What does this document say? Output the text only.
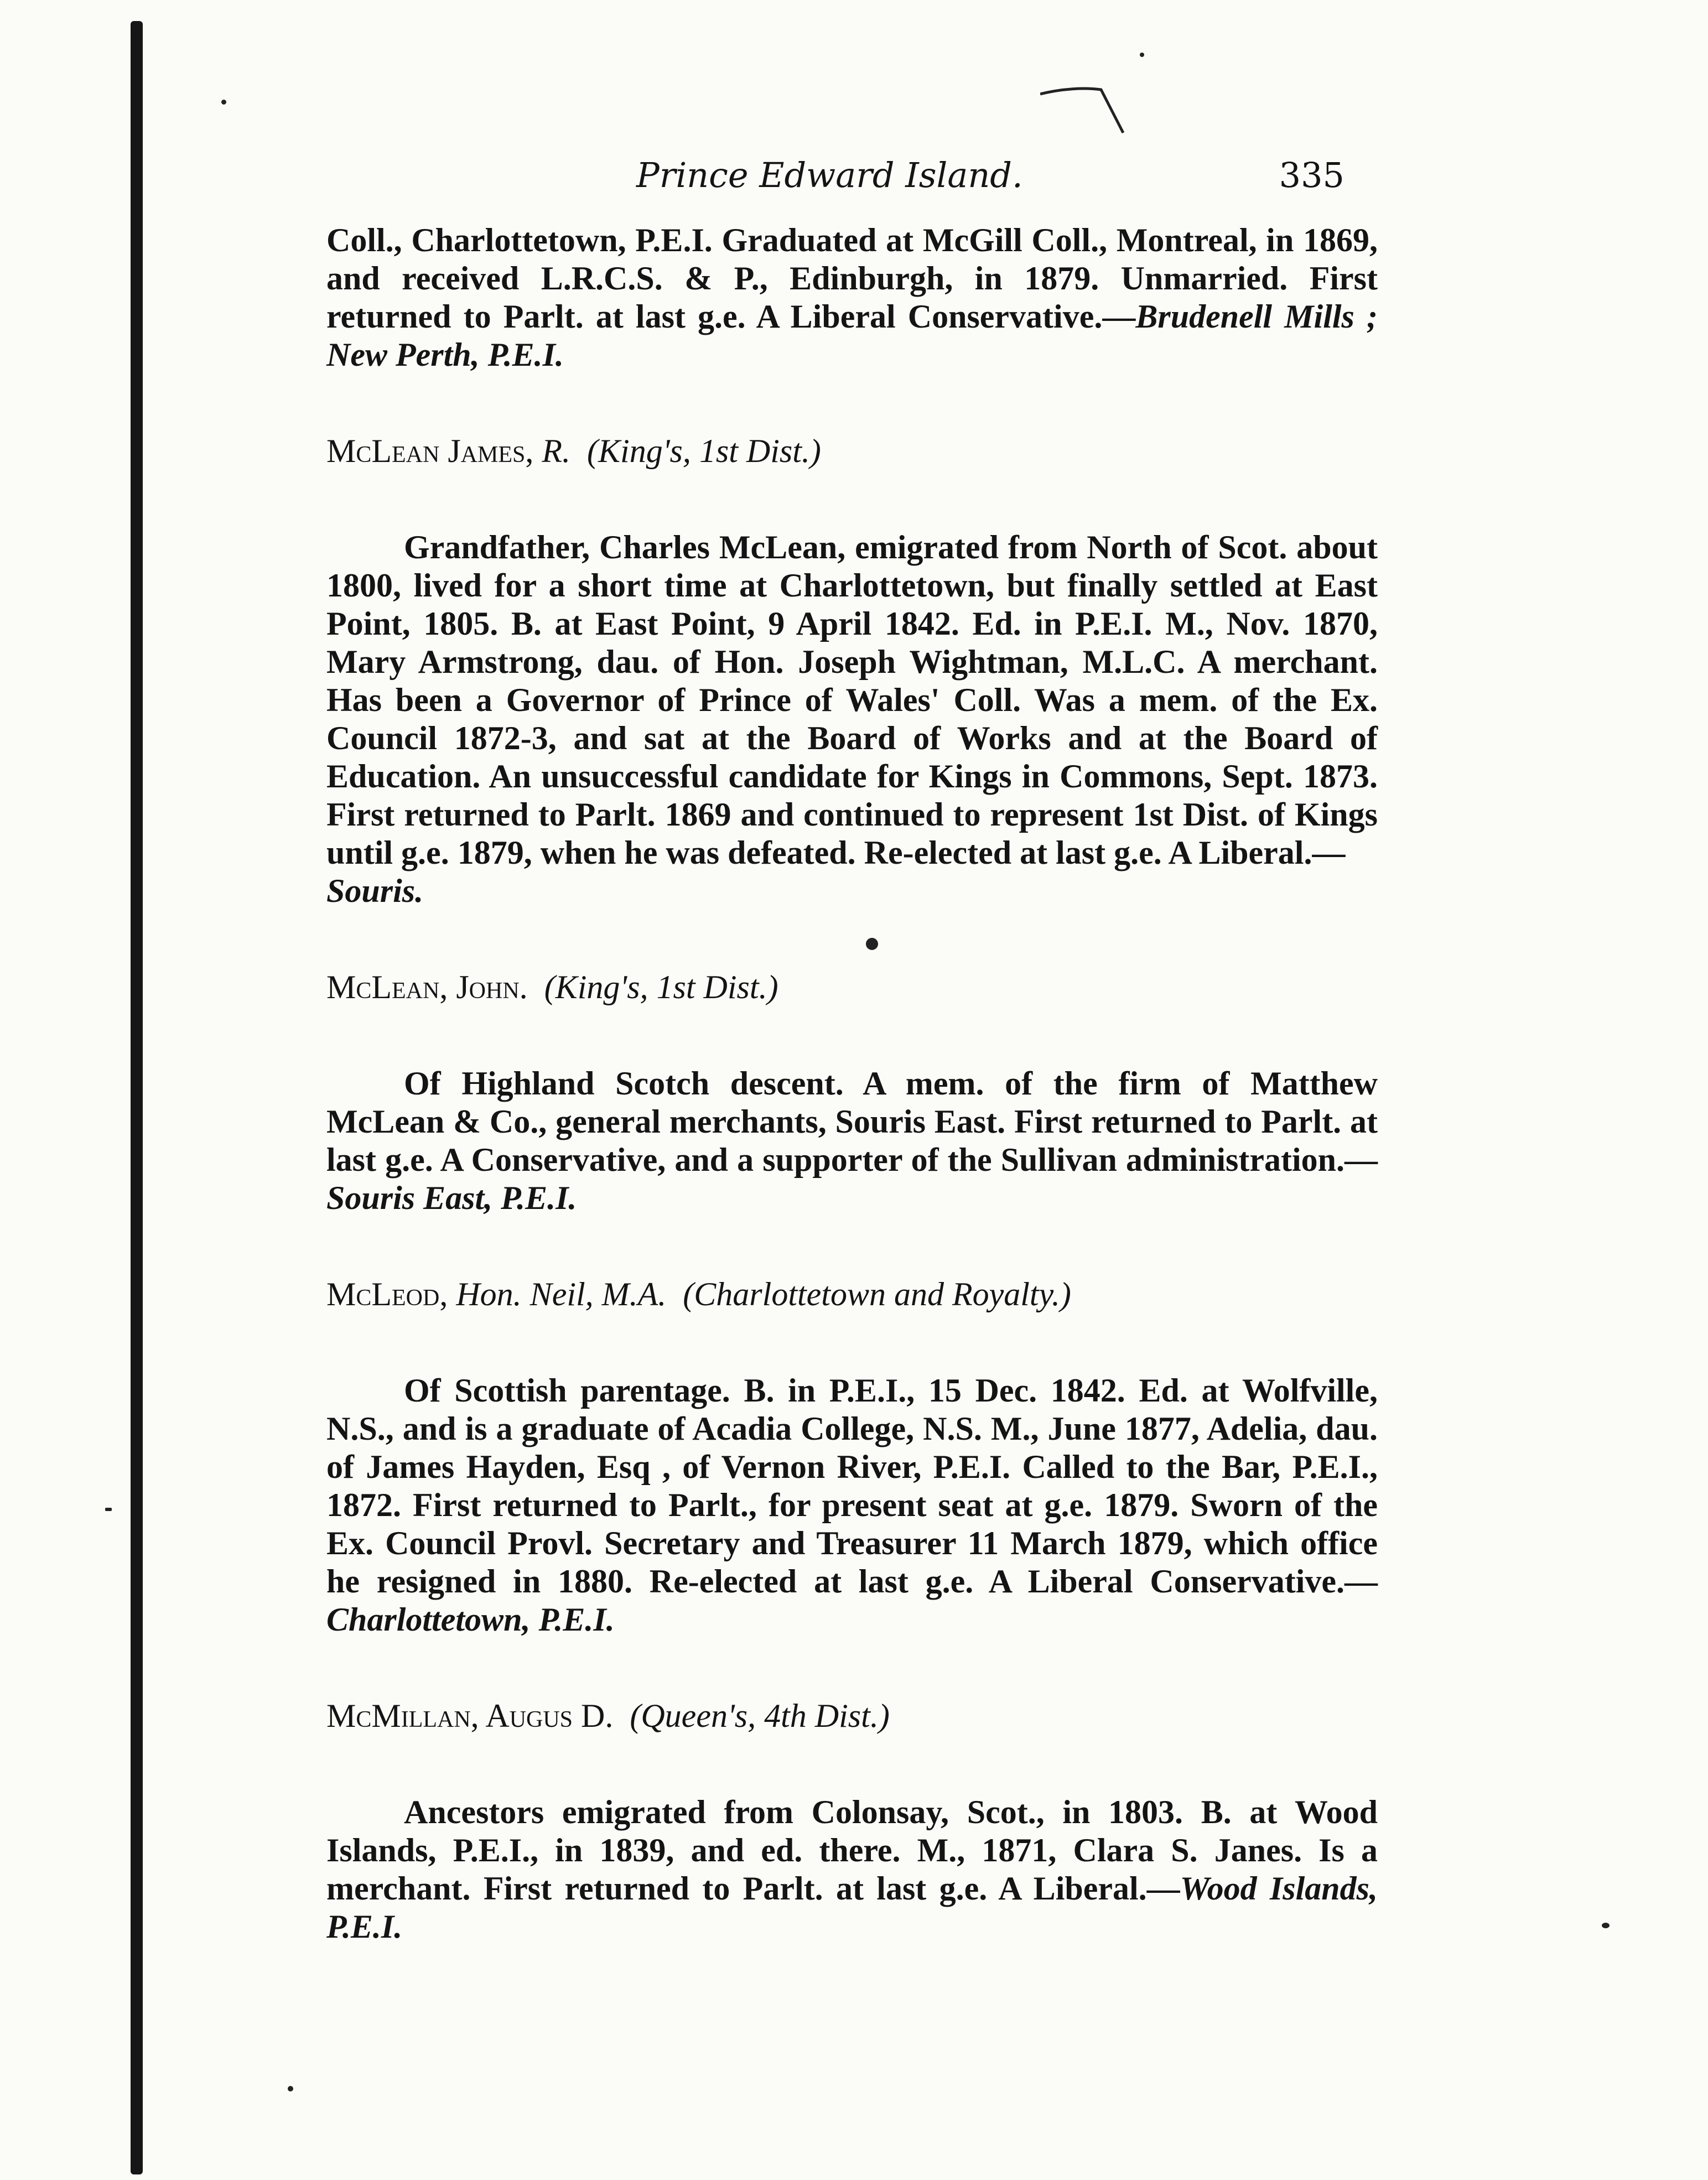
Prince Edward Island.	335

Coll., Charlottetown, P.E.I. Graduated at McGill Coll., Montreal, in 1869, and received L.R.C.S. & P., Edinburgh, in 1879. Unmarried. First returned to Parlt. at last g.e. A Liberal Conservative.—Brudenell Mills ; New Perth, P.E.I.

McLean James, R. (King's, 1st Dist.)

Grandfather, Charles McLean, emigrated from North of Scot. about 1800, lived for a short time at Charlottetown, but finally settled at East Point, 1805. B. at East Point, 9 April 1842. Ed. in P.E.I. M., Nov. 1870, Mary Armstrong, dau. of Hon. Joseph Wightman, M.L.C. A merchant. Has been a Governor of Prince of Wales' Coll. Was a mem. of the Ex. Council 1872-3, and sat at the Board of Works and at the Board of Education. An unsuccessful candidate for Kings in Commons, Sept. 1873. First returned to Parlt. 1869 and continued to represent 1st Dist. of Kings until g.e. 1879, when he was defeated. Re-elected at last g.e. A Liberal.—
Souris.

McLean, John. (King's, 1st Dist.)

Of Highland Scotch descent. A mem. of the firm of Matthew McLean & Co., general merchants, Souris East. First returned to Parlt. at last g.e. A Conservative, and a supporter of the Sullivan administration.—Souris East, P.E.I.

McLeod, Hon. Neil, M.A. (Charlottetown and Royalty.)

Of Scottish parentage. B. in P.E.I., 15 Dec. 1842. Ed. at Wolfville, N.S., and is a graduate of Acadia College, N.S. M., June 1877, Adelia, dau. of James Hayden, Esq , of Vernon River, P.E.I. Called to the Bar, P.E.I., 1872. First returned to Parlt., for present seat at g.e. 1879. Sworn of the Ex. Council Provl. Secretary and Treasurer 11 March 1879, which office he resigned in 1880. Re-elected at last g.e. A Liberal Conservative.—Charlottetown, P.E.I.

McMillan, Augus D. (Queen's, 4th Dist.)

Ancestors emigrated from Colonsay, Scot., in 1803. B. at Wood Islands, P.E.I., in 1839, and ed. there. M., 1871, Clara S. Janes. Is a merchant. First returned to Parlt. at last g.e. A Liberal.—Wood Islands, P.E.I.
